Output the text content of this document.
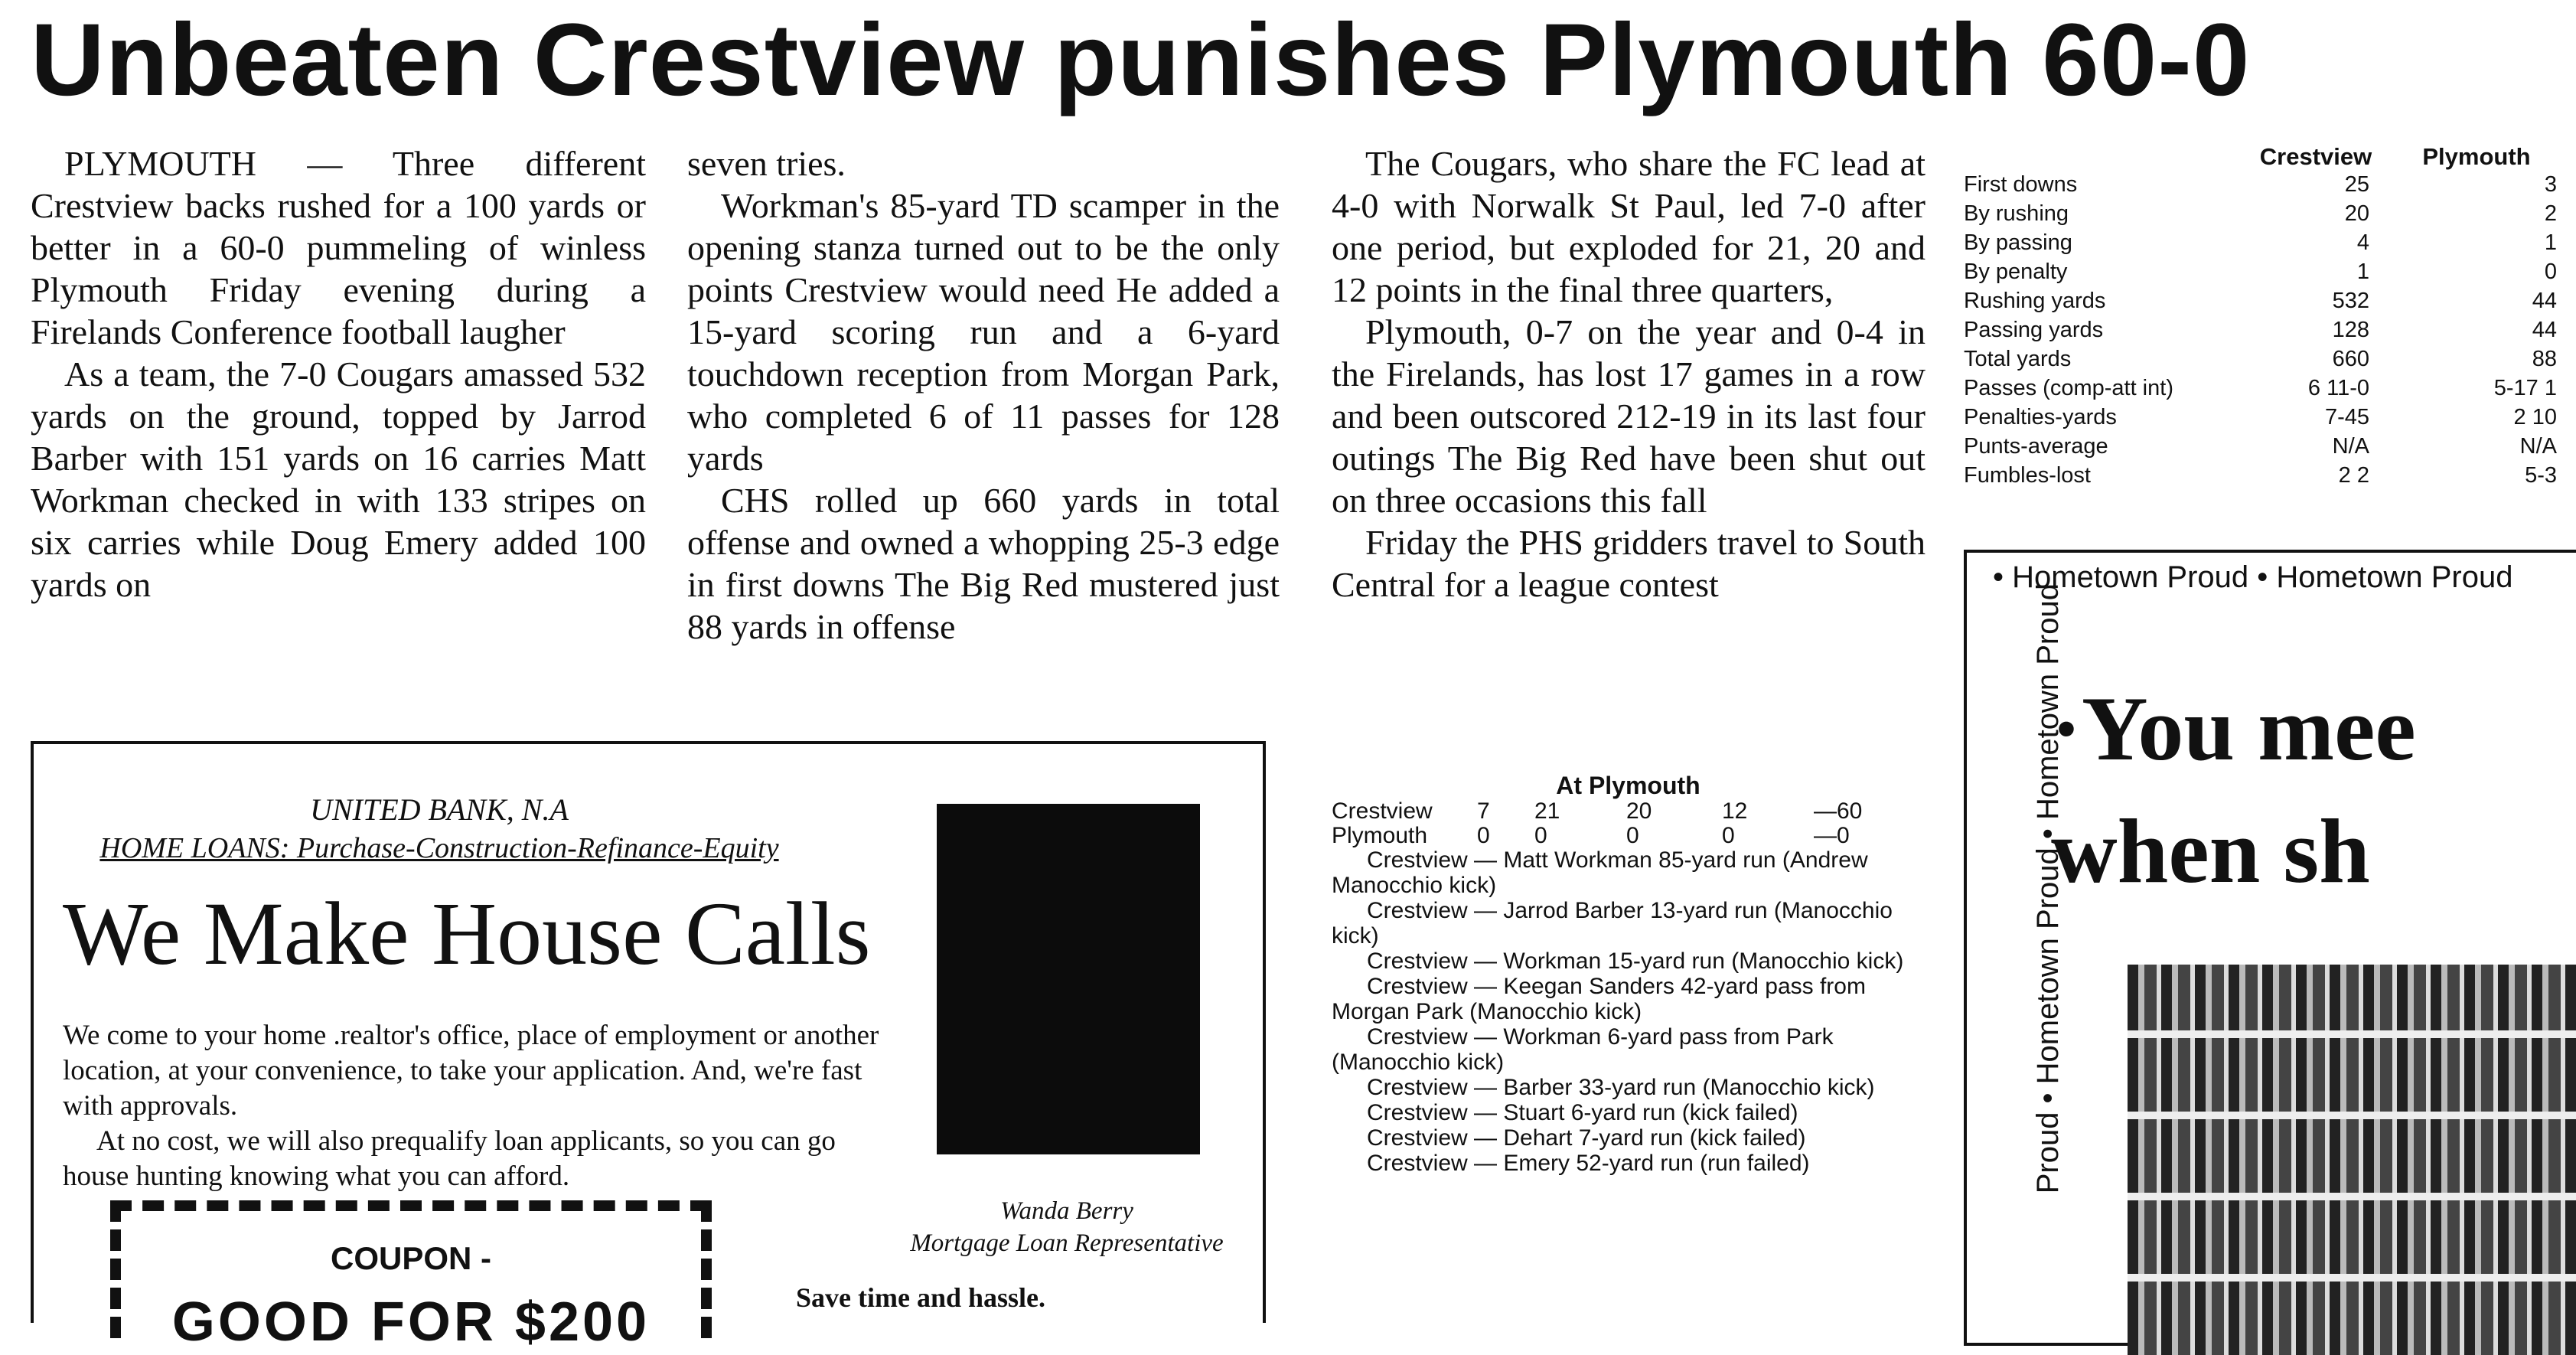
Unbeaten Crestview punishes Plymouth 60-0

PLYMOUTH — Three different Crestview backs rushed for a 100 yards or better in a 60-0 pummeling of winless Plymouth Friday evening during a Firelands Conference football laugher

As a team, the 7-0 Cougars amassed 532 yards on the ground, topped by Jarrod Barber with 151 yards on 16 carries Matt Workman checked in with 133 stripes on six carries while Doug Emery added 100 yards on

seven tries.

Workman's 85-yard TD scamper in the opening stanza turned out to be the only points Crestview would need He added a 15-yard scoring run and a 6-yard touchdown reception from Morgan Park, who completed 6 of 11 passes for 128 yards

CHS rolled up 660 yards in total offense and owned a whopping 25-3 edge in first downs The Big Red mustered just 88 yards in offense

The Cougars, who share the FC lead at 4-0 with Norwalk St Paul, led 7-0 after one period, but exploded for 21, 20 and 12 points in the final three quarters,

Plymouth, 0-7 on the year and 0-4 in the Firelands, has lost 17 games in a row and been outscored 212-19 in its last four outings The Big Red have been shut out on three occasions this fall

Friday the PHS gridders travel to South Central for a league contest

Crestview	Plymouth
First downs	25	3
By rushing	20	2
By passing	4	1
By penalty	1	0
Rushing yards	532	44
Passing yards	128	44
Total yards	660	88
Passes (comp-att int)	6 11-0	5-17 1
Penalties-yards	7-45	2 10
Punts-average	N/A	N/A
Fumbles-lost	2 2	5-3
At Plymouth
Crestview 7 21	20	12	—60
Plymouth 0 0	0	0	—0

Crestview — Matt Workman 85-yard run (Andrew Manocchio kick)

Crestview — Jarrod Barber 13-yard run (Manocchio kick)

Crestview — Workman 15-yard run (Manocchio kick)

Crestview — Keegan Sanders 42-yard pass from Morgan Park (Manocchio kick)

Crestview — Workman 6-yard pass from Park (Manocchio kick)

Crestview — Barber 33-yard run (Manocchio kick)

Crestview — Stuart 6-yard run (kick failed)

Crestview — Dehart 7-yard run (kick failed)

Crestview — Emery 52-yard run (run failed)

UNITED BANK, N.A
HOME LOANS: Purchase-Construction-Refinance-Equity
We Make House Calls

We come to your home .realtor's office, place of employment or another location, at your convenience, to take your application. And, we're fast with approvals.

At no cost, we will also prequalify loan applicants, so you can go house hunting knowing what you can afford.

Wanda Berry
Mortgage Loan Representative
COUPON -
GOOD FOR $200	Save time and hassle.
• Hometown Proud • Hometown Proud
Proud • Hometown Proud • Hometown Proud
·You mee
when sh
